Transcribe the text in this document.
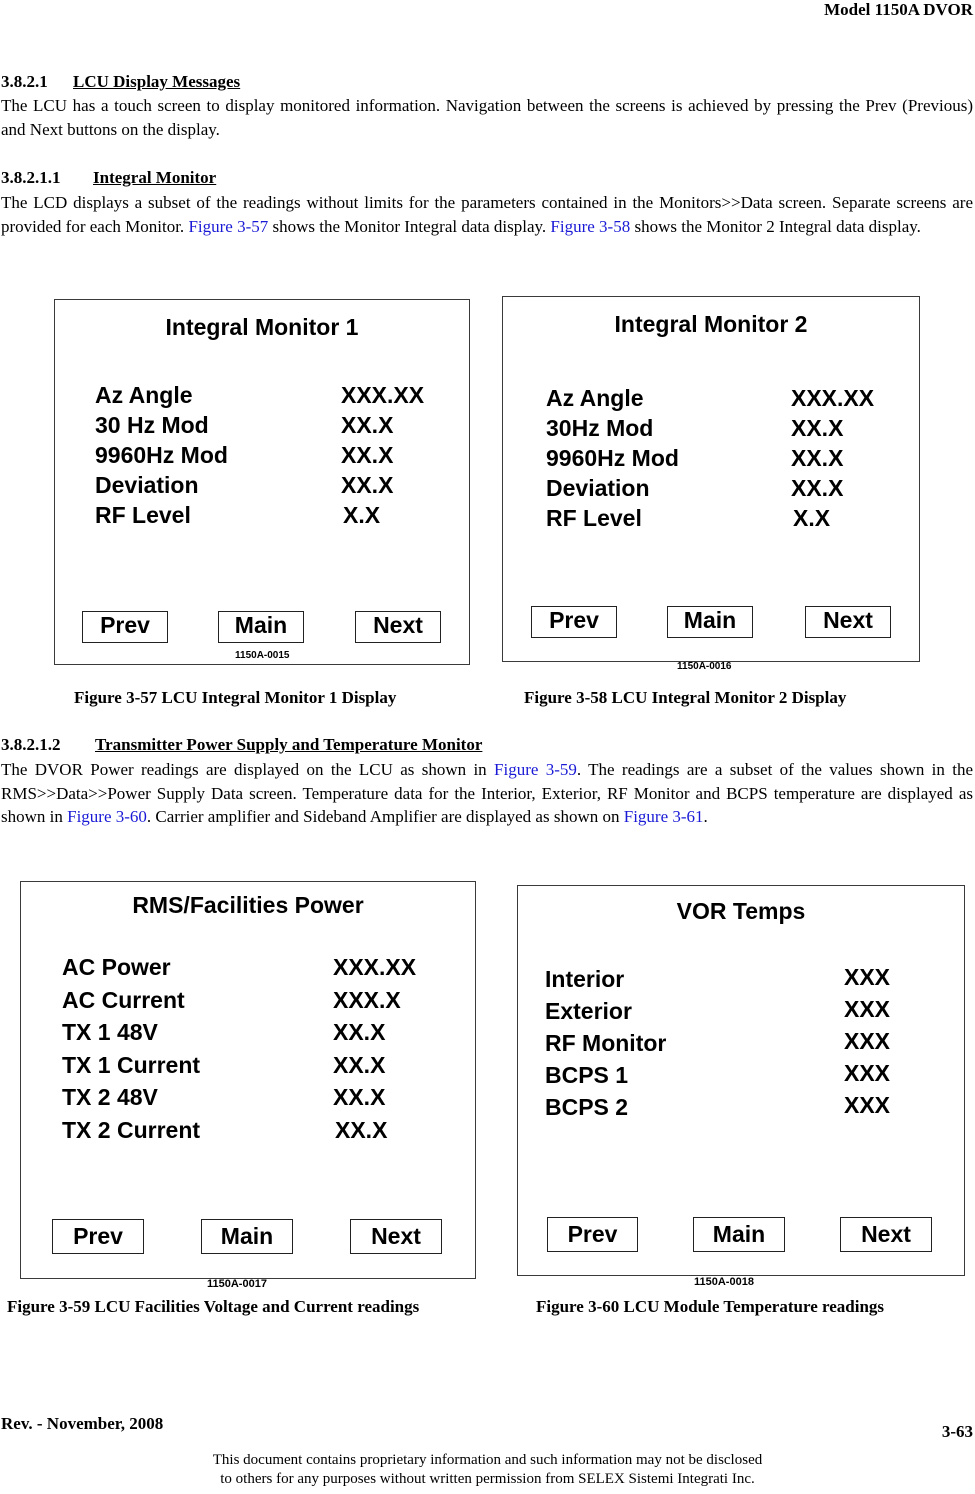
Model 1150A DVOR
3.8.2.1 LCU Display Messages
The LCU has a touch screen to display monitored information. Navigation between the screens is achieved by pressing the Prev (Previous) and Next buttons on the display.
3.8.2.1.1 Integral Monitor
The LCD displays a subset of the readings without limits for the parameters contained in the Monitors>>Data screen. Separate screens are provided for each Monitor. Figure 3-57 shows the Monitor Integral data display. Figure 3-58 shows the Monitor 2 Integral data display.
Integral Monitor 1
Az Angle	XXX.XX
30 Hz Mod	XX.X
9960Hz Mod	XX.X
Deviation	XX.X
RF Level	X.X
Prev	Main	Next
1150A-0015
Integral Monitor 2
Az Angle	XXX.XX
30Hz Mod	XX.X
9960Hz Mod	XX.X
Deviation	XX.X
RF Level	X.X
Prev	Main	Next
1150A-0016
Figure 3-57 LCU Integral Monitor 1 Display	Figure 3-58 LCU Integral Monitor 2 Display
3.8.2.1.2 Transmitter Power Supply and Temperature Monitor
The DVOR Power readings are displayed on the LCU as shown in Figure 3-59. The readings are a subset of the values shown in the RMS>>Data>>Power Supply Data screen. Temperature data for the Interior, Exterior, RF Monitor and BCPS temperature are displayed as shown in Figure 3-60. Carrier amplifier and Sideband Amplifier are displayed as shown on Figure 3-61.
RMS/Facilities Power
AC Power	XXX.XX
AC Current	XXX.X
TX 1 48V	XX.X
TX 1 Current	XX.X
TX 2 48V	XX.X
TX 2 Current	XX.X
Prev	Main	Next
1150A-0017
VOR Temps
Interior	XXX
Exterior	XXX
RF Monitor	XXX
BCPS 1	XXX
BCPS 2	XXX
Prev	Main	Next
1150A-0018
Figure 3-59 LCU Facilities Voltage and Current readings	Figure 3-60 LCU Module Temperature readings
Rev. - November, 2008	3-63
This document contains proprietary information and such information may not be disclosed
to others for any purposes without written permission from SELEX Sistemi Integrati Inc.
